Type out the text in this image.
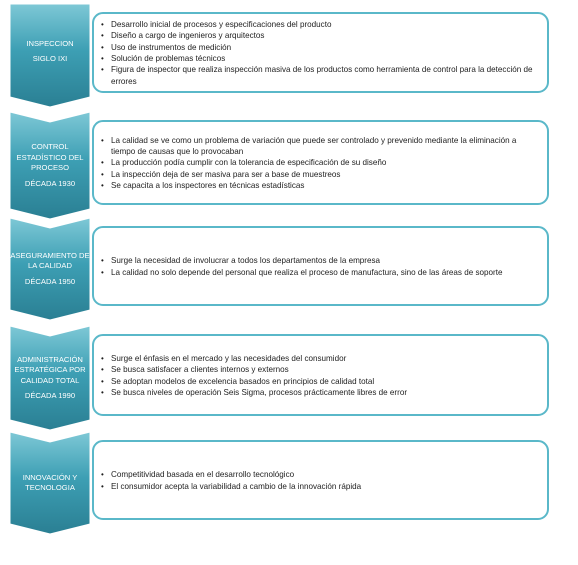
INSPECCION
SIGLO IXI
• Desarrollo inicial de procesos y especificaciones del producto
• Diseño a cargo de ingenieros y arquitectos
• Uso de instrumentos de medición
• Solución de problemas técnicos
• Figura de inspector que realiza inspección masiva de los productos como herramienta de control para la detección de errores
CONTROL ESTADÍSTICO DEL PROCESO
DÉCADA 1930
• La calidad se ve como un problema de variación que puede ser controlado y prevenido mediante la eliminación a tiempo de causas que lo provocaban
• La producción podía cumplir con la tolerancia de especificación de su diseño
• La inspección deja de ser masiva para ser a base de muestreos
• Se capacita a los inspectores en técnicas estadísticas
ASEGURAMIENTO DE LA CALIDAD
DÉCADA 1950
• Surge la necesidad de involucrar a todos los departamentos de la empresa
• La calidad no solo depende del personal que realiza el proceso de manufactura, sino de las áreas de soporte
ADMINISTRACIÓN ESTRATÉGICA POR CALIDAD TOTAL
DÉCADA 1990
• Surge el énfasis en el mercado y las necesidades del consumidor
• Se busca satisfacer a clientes internos y externos
• Se adoptan modelos de excelencia basados en principios de calidad total
• Se busca niveles de operación Seis Sigma, procesos prácticamente libres de error
INNOVACIÓN Y TECNOLOGIA
• Competitividad basada en el desarrollo tecnológico
• El consumidor acepta la variabilidad a cambio de la innovación rápida
